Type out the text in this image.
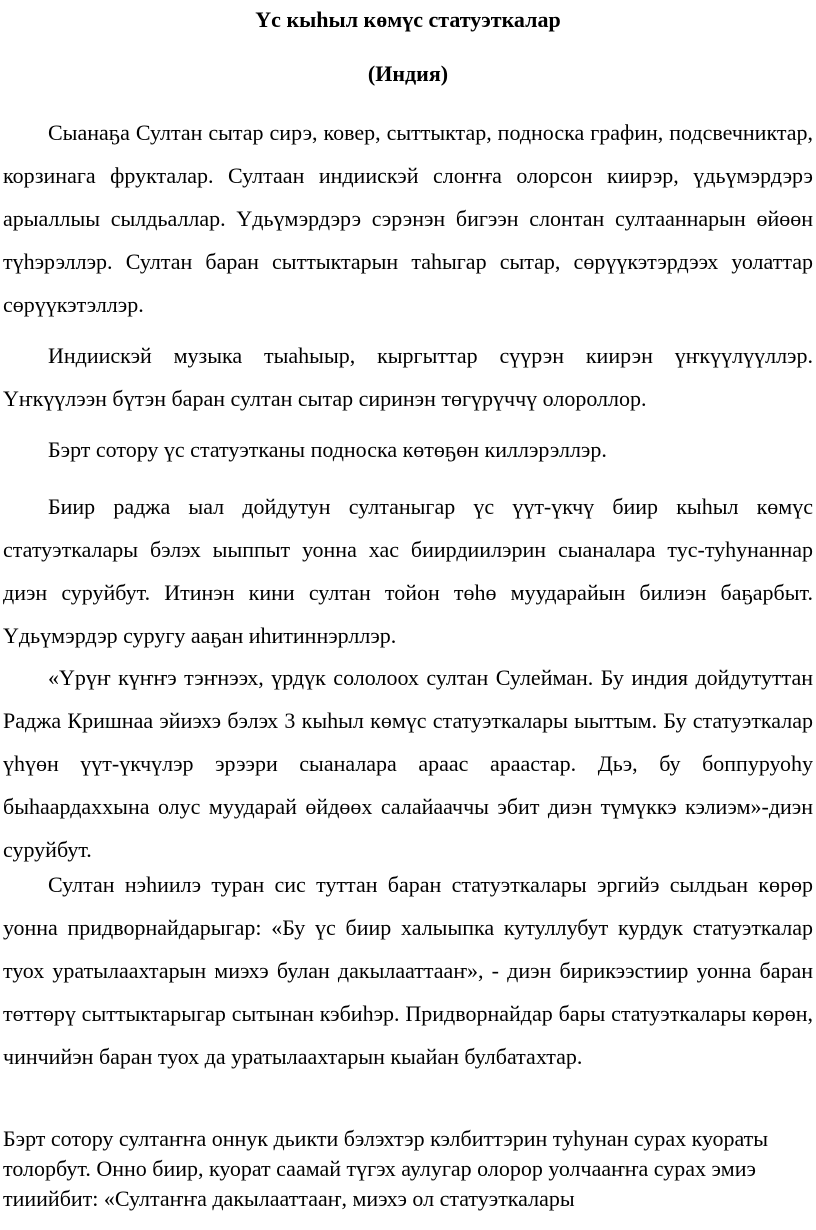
Үс кыһыл көмүс статуэткалар
(Индия)

Сыанаҕа Султан сытар сирэ, ковер, сыттыктар, подноска графин, подсвечниктар, корзинага фрукталар. Султаан индиискэй слоҥҥа олорсон киирэр, үдьүмэрдэрэ арыаллыы сылдьаллар. Үдьүмэрдэрэ сэрэнэн бигээн слонтан султааннарын өйөөн түһэрэллэр. Султан баран сыттыктарын таһыгар сытар, сөрүүкэтэрдээх уолаттар сөрүүкэтэллэр.

Индиискэй музыка тыаһыыр, кыргыттар сүүрэн киирэн үҥкүүлүүллэр. Үҥкүүлээн бүтэн баран султан сытар сиринэн төгүрүччү олороллор.

Бэрт сотору үс статуэтканы подноска көтөҕөн киллэрэллэр.

Биир раджа ыал дойдутун султаныгар үс үүт-үкчү биир кыһыл көмүс статуэткалары бэлэх ыыппыт уонна хас биирдиилэрин сыаналара тус-туһунаннар диэн суруйбут. Итинэн кини султан тойон төһө муударайын билиэн баҕарбыт. Үдьүмэрдэр суругу ааҕан иһитиннэрллэр.

«Үрүҥ күҥҥэ тэҥнээх, үрдүк сололоох султан Сулейман. Бу индия дойдутуттан Раджа Кришнаа эйиэхэ бэлэх 3 кыһыл көмүс статуэткалары ыыттым. Бу статуэткалар үһүөн үүт-үкчүлэр эрээри сыаналара араас араастар. Дьэ, бу боппуруоһу быһаардаххына олус муударай өйдөөх салайааччы эбит диэн түмүккэ кэлиэм»-диэн суруйбут.

Султан нэһиилэ туран сис туттан баран статуэткалары эргийэ сылдьан көрөр уонна придворнайдарыгар: «Бу үс биир халыыпка кутуллубут курдук статуэткалар туох уратылаахтарын миэхэ булан дакылааттааҥ», - диэн бирикээстиир уонна баран төттөрү сыттыктарыгар сытынан кэбиһэр. Придворнайдар бары статуэткалары көрөн, чинчийэн баран туох да уратылаахтарын кыайан булбатахтар.

Бэрт сотору султаҥҥа оннук дьикти бэлэхтэр кэлбиттэрин туһунан сурах куораты толорбут. Онно биир, куорат саамай түгэх аулугар олорор уолчааҥҥа сурах эмиэ тииийбит: «Султаҥҥа дакылааттааҥ, миэхэ ол статуэткалары
